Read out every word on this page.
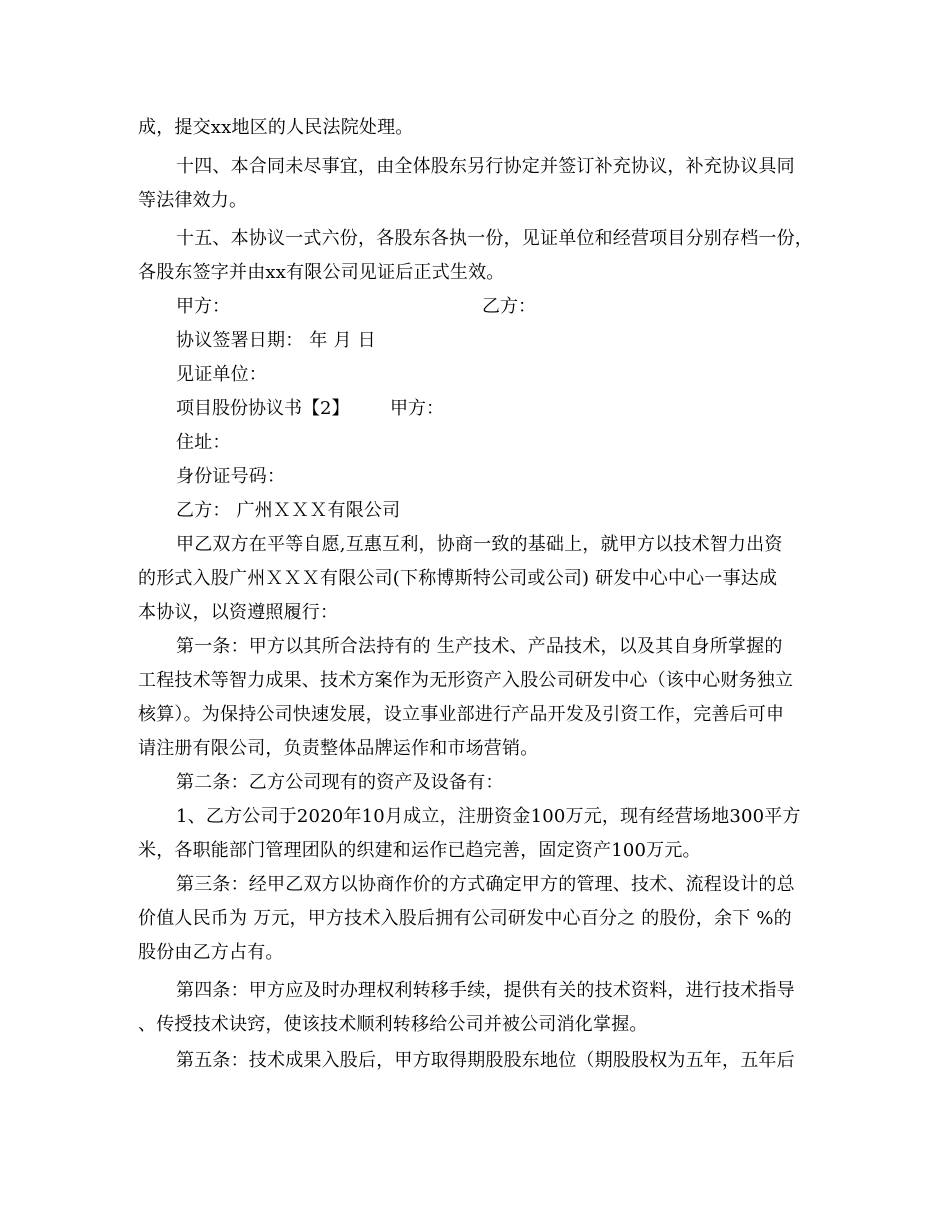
成，提交xx地区的人民法院处理。
十四、本合同未尽事宜，由全体股东另行协定并签订补充协议，补充协议具同
等法律效力。
十五、本协议一式六份，各股东各执一份，见证单位和经营项目分别存档一份，
各股东签字并由xx有限公司见证后正式生效。
甲方：	乙方：
协议签署日期： 年 月 日
见证单位：
项目股份协议书【2】 甲方：
住址：
身份证号码：
乙方： 广州ＸＸＸ有限公司
甲乙双方在平等自愿,互惠互利，协商一致的基础上，就甲方以技术智力出资
的形式入股广州ＸＸＸ有限公司(下称博斯特公司或公司) 研发中心中心一事达成
本协议，以资遵照履行：
第一条：甲方以其所合法持有的 生产技术、产品技术，以及其自身所掌握的
工程技术等智力成果、技术方案作为无形资产入股公司研发中心（该中心财务独立
核算）。为保持公司快速发展，设立事业部进行产品开发及引资工作，完善后可申
请注册有限公司，负责整体品牌运作和市场营销。
第二条：乙方公司现有的资产及设备有：
1、乙方公司于2020年10月成立，注册资金100万元，现有经营场地300平方
米，各职能部门管理团队的织建和运作已趋完善，固定资产100万元。
第三条：经甲乙双方以协商作价的方式确定甲方的管理、技术、流程设计的总
价值人民币为 万元，甲方技术入股后拥有公司研发中心百分之 的股份，余下 %的
股份由乙方占有。
第四条：甲方应及时办理权利转移手续，提供有关的技术资料，进行技术指导
、传授技术诀窍，使该技术顺利转移给公司并被公司消化掌握。
第五条：技术成果入股后，甲方取得期股股东地位（期股股权为五年，五年后
